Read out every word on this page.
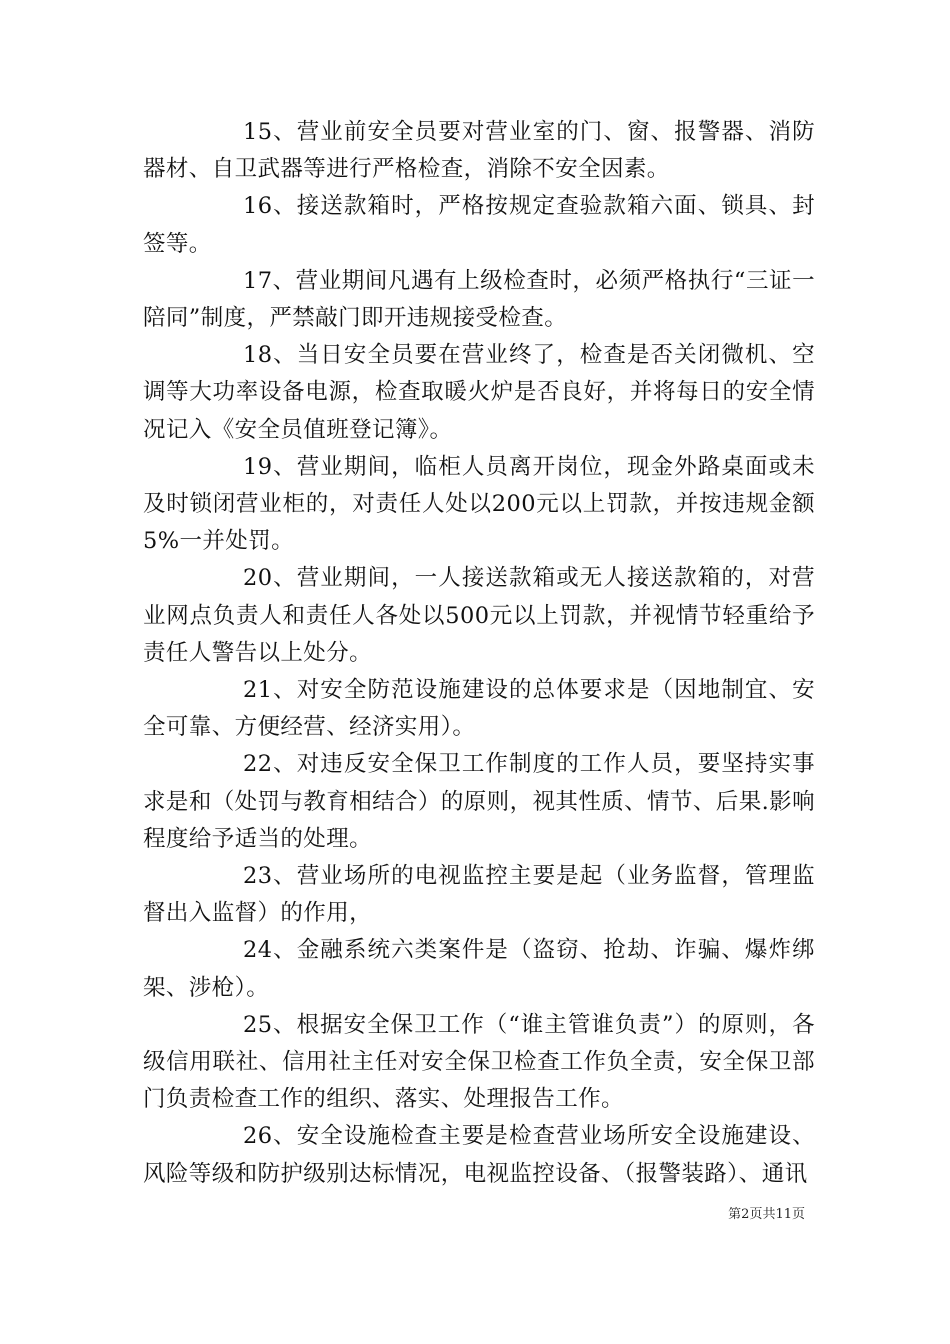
15、营业前安全员要对营业室的门、窗、报警器、消防器材、自卫武器等进行严格检查，消除不安全因素。

16、接送款箱时，严格按规定查验款箱六面、锁具、封签等。

17、营业期间凡遇有上级检查时，必须严格执行“三证一陪同”制度，严禁敲门即开违规接受检查。

18、当日安全员要在营业终了，检查是否关闭微机、空调等大功率设备电源，检查取暖火炉是否良好，并将每日的安全情况记入《安全员值班登记簿》。

19、营业期间，临柜人员离开岗位，现金外路桌面或未及时锁闭营业柜的，对责任人处以200元以上罚款，并按违规金额5%一并处罚。

20、营业期间，一人接送款箱或无人接送款箱的，对营业网点负责人和责任人各处以500元以上罚款，并视情节轻重给予责任人警告以上处分。

21、对安全防范设施建设的总体要求是（因地制宜、安全可靠、方便经营、经济实用）。

22、对违反安全保卫工作制度的工作人员，要坚持实事求是和（处罚与教育相结合）的原则，视其性质、情节、后果.影响程度给予适当的处理。

23、营业场所的电视监控主要是起（业务监督，管理监督出入监督）的作用，

24、金融系统六类案件是（盗窃、抢劫、诈骗、爆炸绑架、涉枪）。

25、根据安全保卫工作（“谁主管谁负责”）的原则，各级信用联社、信用社主任对安全保卫检查工作负全责，安全保卫部门负责检查工作的组织、落实、处理报告工作。

26、安全设施检查主要是检查营业场所安全设施建设、风险等级和防护级别达标情况，电视监控设备、（报警装路）、通讯

第2页共11页
